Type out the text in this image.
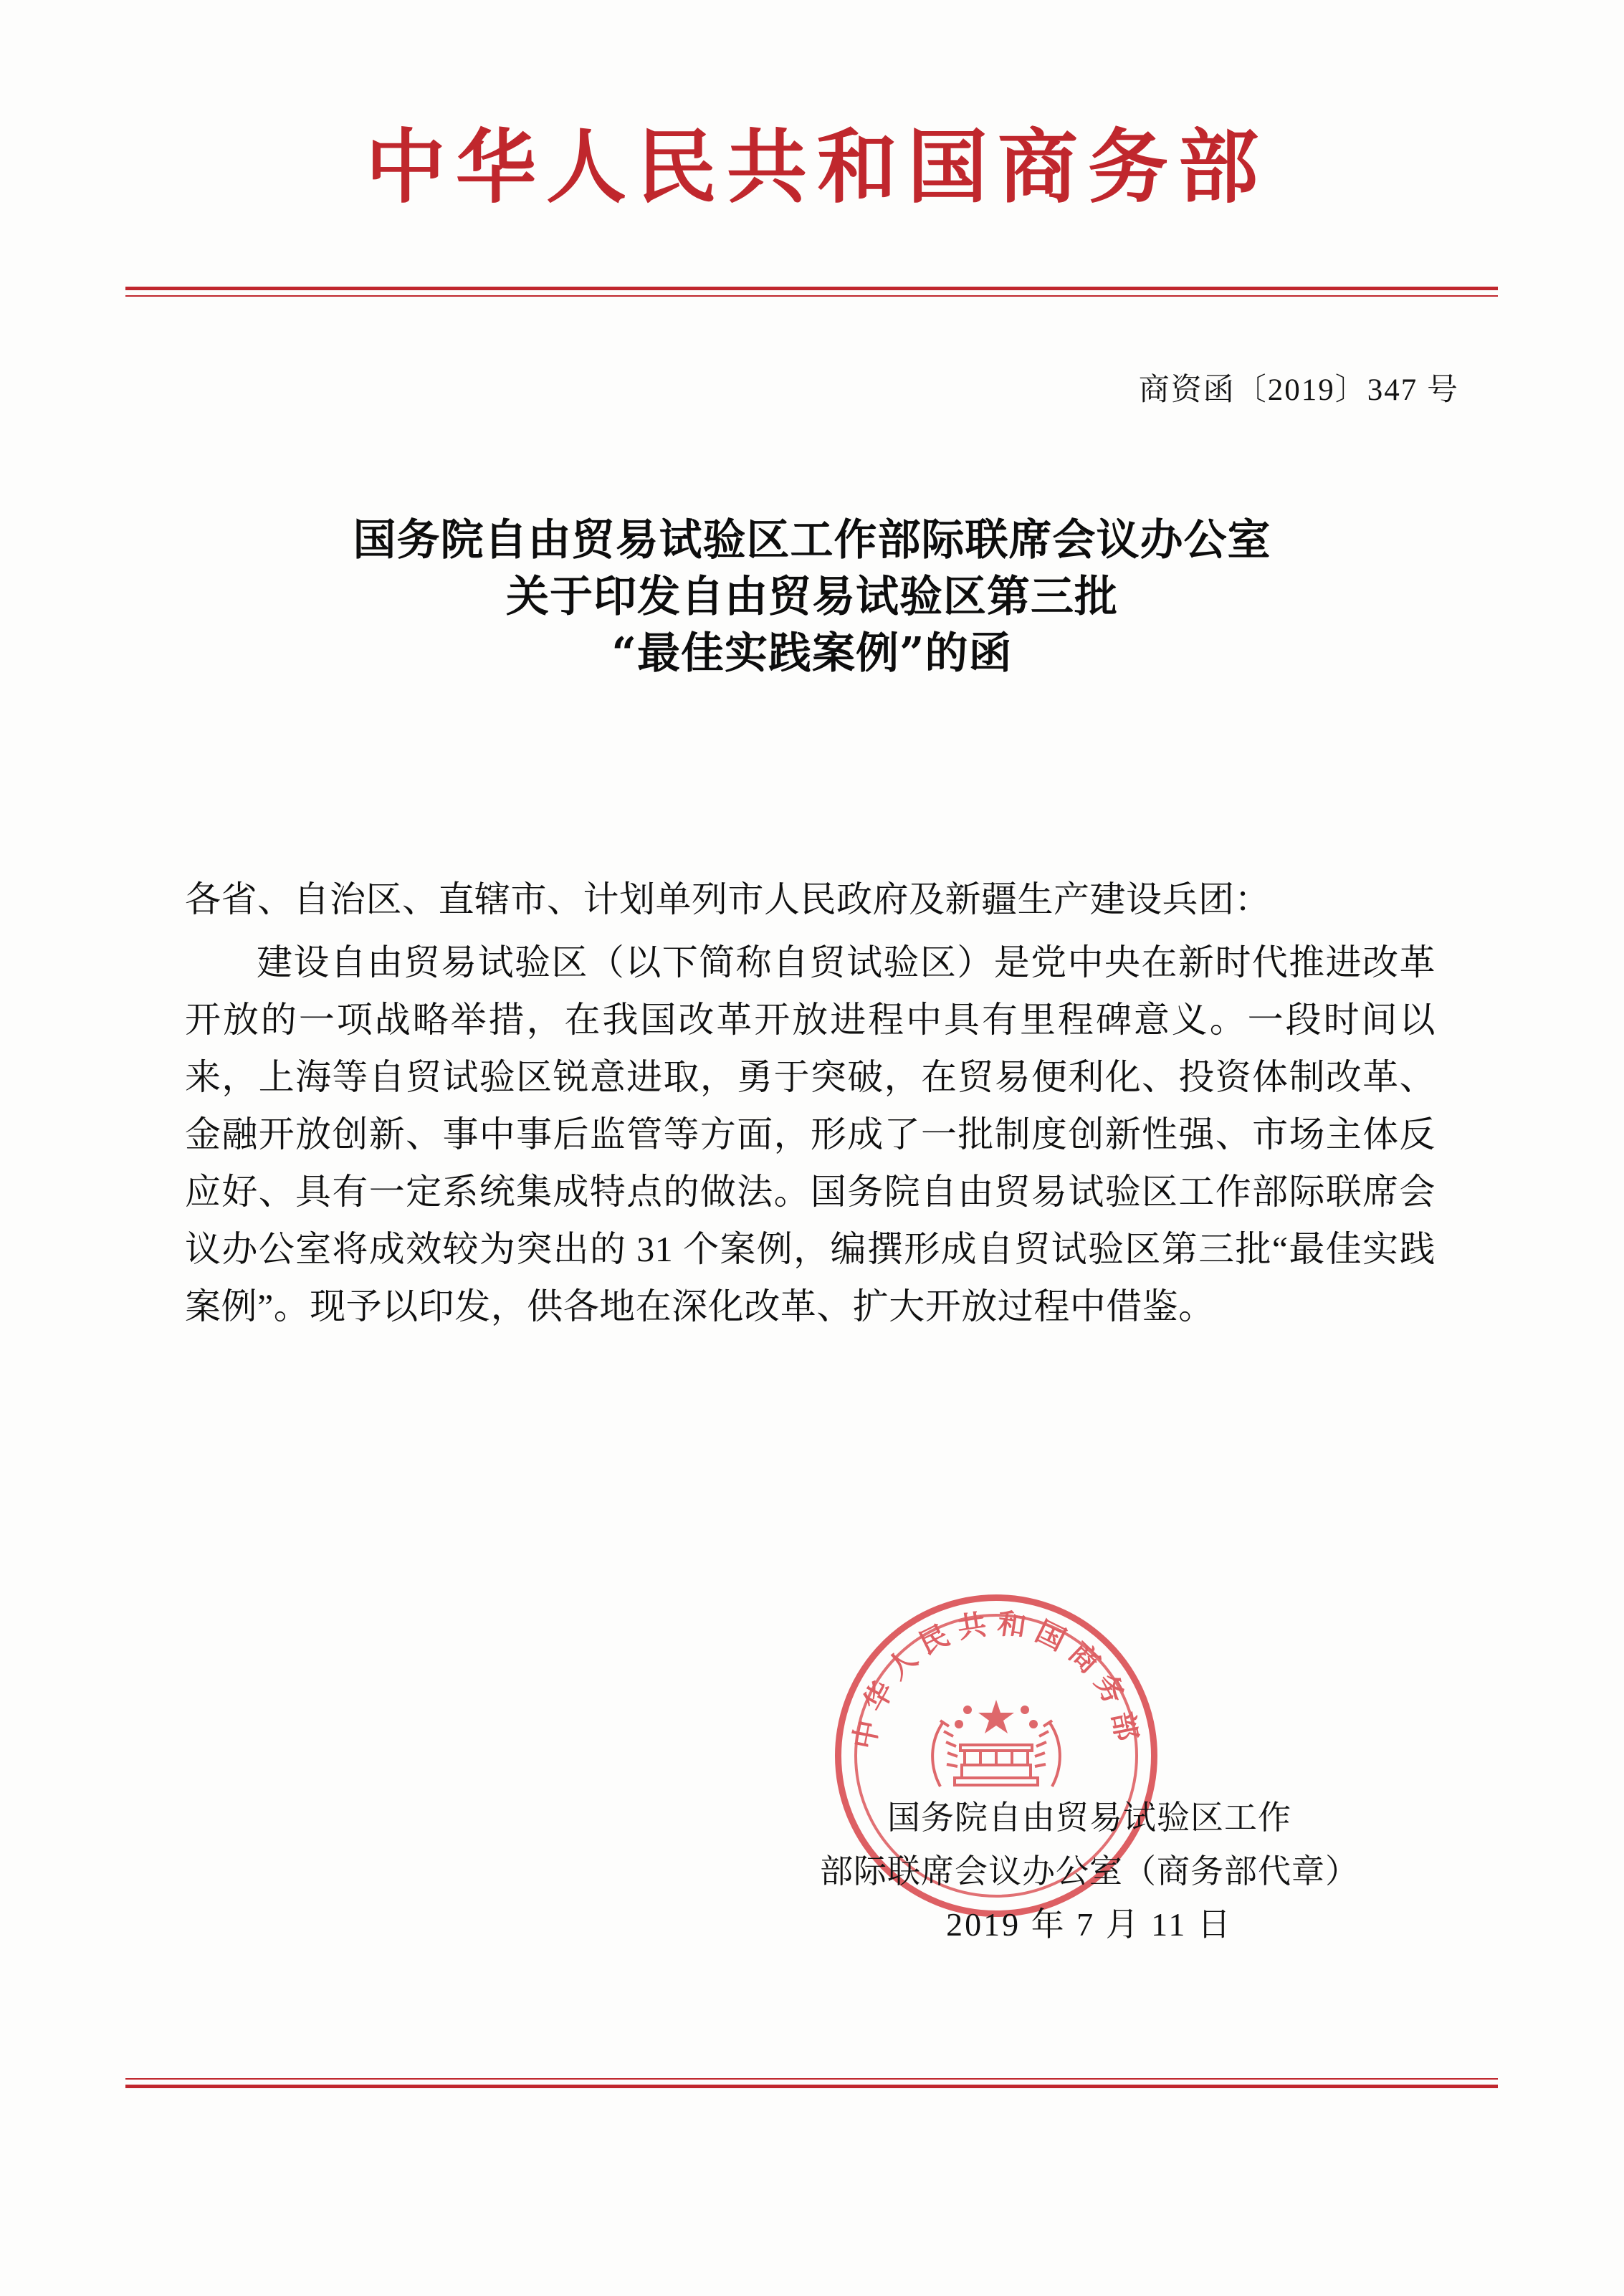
中华人民共和国商务部
商资函〔2019〕347 号
国务院自由贸易试验区工作部际联席会议办公室
关于印发自由贸易试验区第三批
“最佳实践案例”的函

各省、自治区、直辖市、计划单列市人民政府及新疆生产建设兵团：

建设自由贸易试验区（以下简称自贸试验区）是党中央在新时代推进改革开放的一项战略举措，在我国改革开放进程中具有里程碑意义。一段时间以来，上海等自贸试验区锐意进取，勇于突破，在贸易便利化、投资体制改革、金融开放创新、事中事后监管等方面，形成了一批制度创新性强、市场主体反应好、具有一定系统集成特点的做法。国务院自由贸易试验区工作部际联席会议办公室将成效较为突出的 31 个案例，编撰形成自贸试验区第三批“最佳实践案例”。现予以印发，供各地在深化改革、扩大开放过程中借鉴。

中华人民共和国商务部
国务院自由贸易试验区工作
部际联席会议办公室（商务部代章）
2019 年 7 月 11 日
